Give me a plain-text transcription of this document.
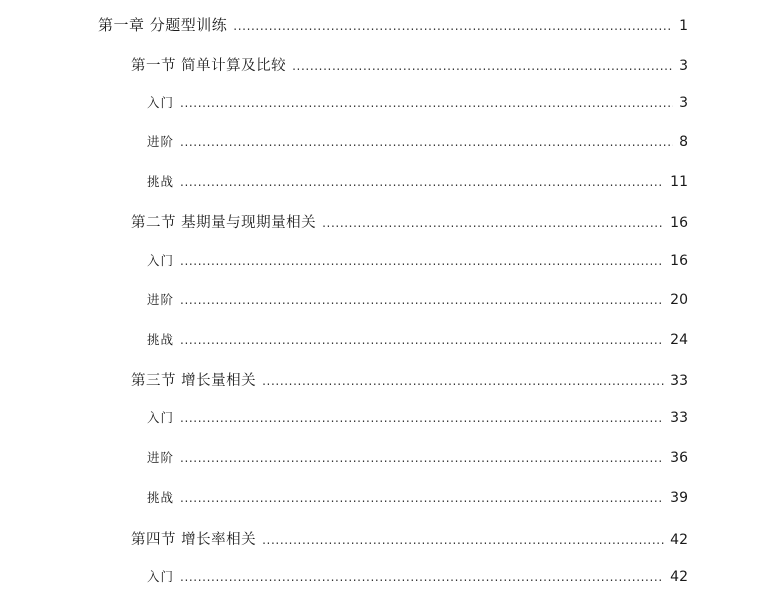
第一章 分题型训练 . . .	1
第一节 简单计算及比较 . . .	3
入门 . . .	3
进阶 . . .	8
挑战 . . .	11
第二节 基期量与现期量相关 . . .	16
入门 . . .	16
进阶 . . .	20
挑战 . . .	24
第三节 增长量相关 . . .	33
入门 . . .	33
进阶 . . .	36
挑战 . . .	39
第四节 增长率相关 . . .	42
入门 . . .	42
